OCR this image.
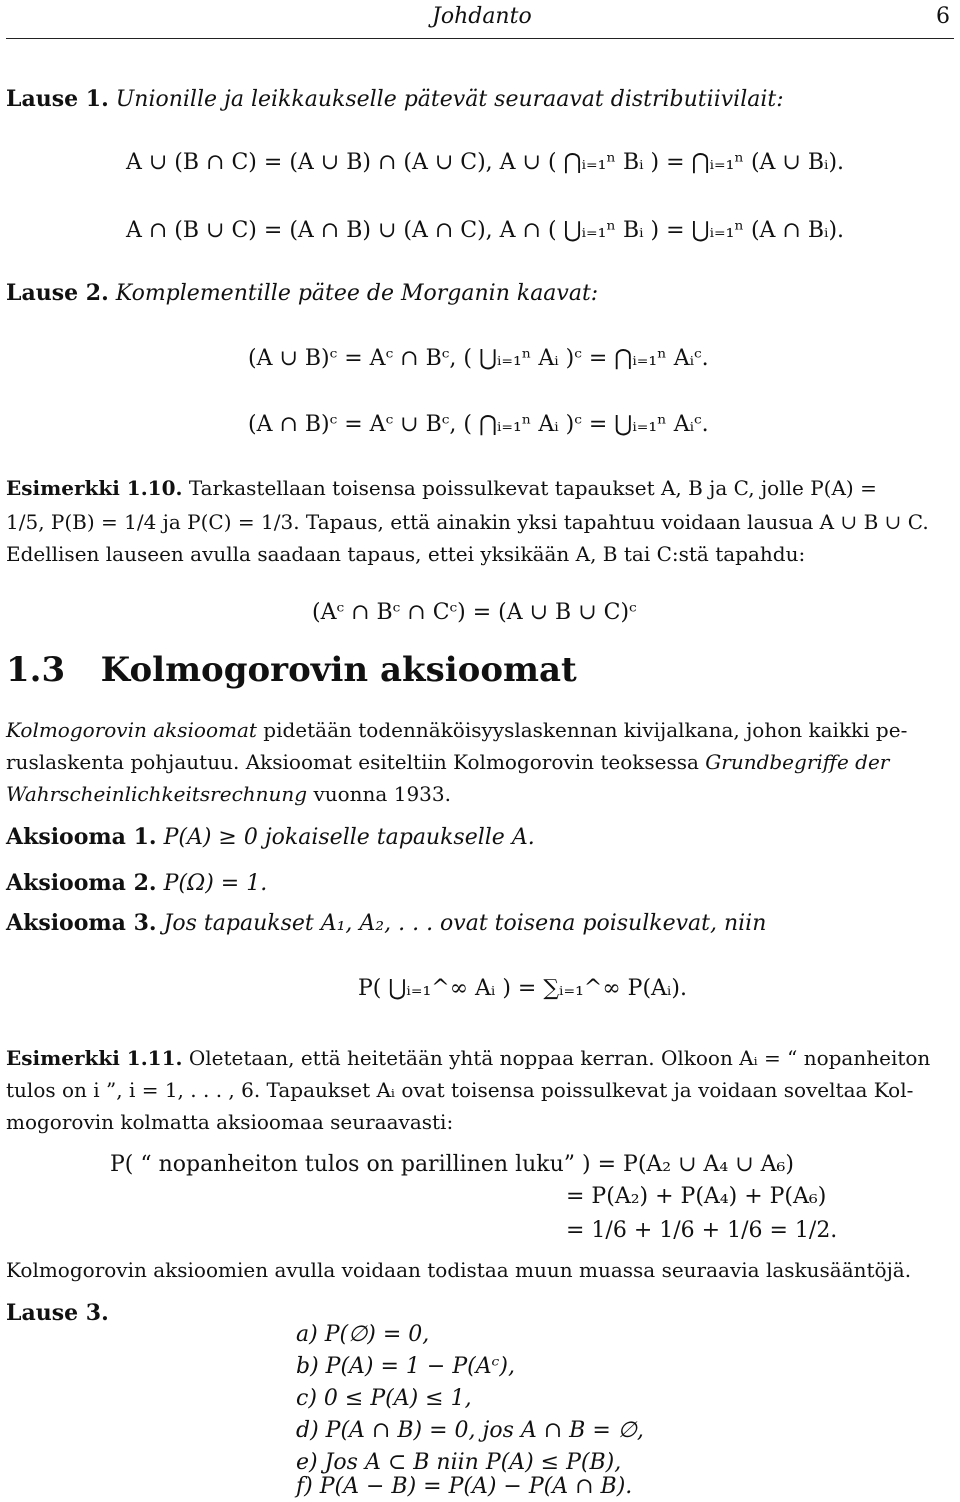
Johdanto	6
Lause 1. Unionille ja leikkaukselle pätevät seuraavat distributiivilait:
A ∪ (B ∩ C) = (A ∪ B) ∩ (A ∪ C), A ∪ ( ⋂ᵢ₌₁ⁿ Bᵢ ) = ⋂ᵢ₌₁ⁿ (A ∪ Bᵢ).
A ∩ (B ∪ C) = (A ∩ B) ∪ (A ∩ C), A ∩ ( ⋃ᵢ₌₁ⁿ Bᵢ ) = ⋃ᵢ₌₁ⁿ (A ∩ Bᵢ).
Lause 2. Komplementille pätee de Morganin kaavat:
(A ∪ B)ᶜ = Aᶜ ∩ Bᶜ, ( ⋃ᵢ₌₁ⁿ Aᵢ )ᶜ = ⋂ᵢ₌₁ⁿ Aᵢᶜ.
(A ∩ B)ᶜ = Aᶜ ∪ Bᶜ, ( ⋂ᵢ₌₁ⁿ Aᵢ )ᶜ = ⋃ᵢ₌₁ⁿ Aᵢᶜ.
Esimerkki 1.10. Tarkastellaan toisensa poissulkevat tapaukset A, B ja C, jolle P(A) =
1/5, P(B) = 1/4 ja P(C) = 1/3. Tapaus, että ainakin yksi tapahtuu voidaan lausua A ∪ B ∪ C.
Edellisen lauseen avulla saadaan tapaus, ettei yksikään A, B tai C:stä tapahdu:
(Aᶜ ∩ Bᶜ ∩ Cᶜ) = (A ∪ B ∪ C)ᶜ
1.3 Kolmogorovin aksioomat
Kolmogorovin aksioomat pidetään todennäköisyyslaskennan kivijalkana, johon kaikki pe-
ruslaskenta pohjautuu. Aksioomat esiteltiin Kolmogorovin teoksessa Grundbegriffe der
Wahrscheinlichkeitsrechnung vuonna 1933.
Aksiooma 1. P(A) ≥ 0 jokaiselle tapaukselle A.
Aksiooma 2. P(Ω) = 1.
Aksiooma 3. Jos tapaukset A₁, A₂, . . . ovat toisena poisulkevat, niin
P( ⋃ᵢ₌₁^∞ Aᵢ ) = ∑ᵢ₌₁^∞ P(Aᵢ).
Esimerkki 1.11. Oletetaan, että heitetään yhtä noppaa kerran. Olkoon Aᵢ = “ nopanheiton
tulos on i ”, i = 1, . . . , 6. Tapaukset Aᵢ ovat toisensa poissulkevat ja voidaan soveltaa Kol-
mogorovin kolmatta aksioomaa seuraavasti:
P( “ nopanheiton tulos on parillinen luku” ) = P(A₂ ∪ A₄ ∪ A₆)
= P(A₂) + P(A₄) + P(A₆)
= 1/6 + 1/6 + 1/6 = 1/2.
Kolmogorovin aksioomien avulla voidaan todistaa muun muassa seuraavia laskusääntöjä.
Lause 3.
a) P(∅) = 0,
b) P(A) = 1 − P(Aᶜ),
c) 0 ≤ P(A) ≤ 1,
d) P(A ∩ B) = 0, jos A ∩ B = ∅,
e) Jos A ⊂ B niin P(A) ≤ P(B),
f) P(A − B) = P(A) − P(A ∩ B).
